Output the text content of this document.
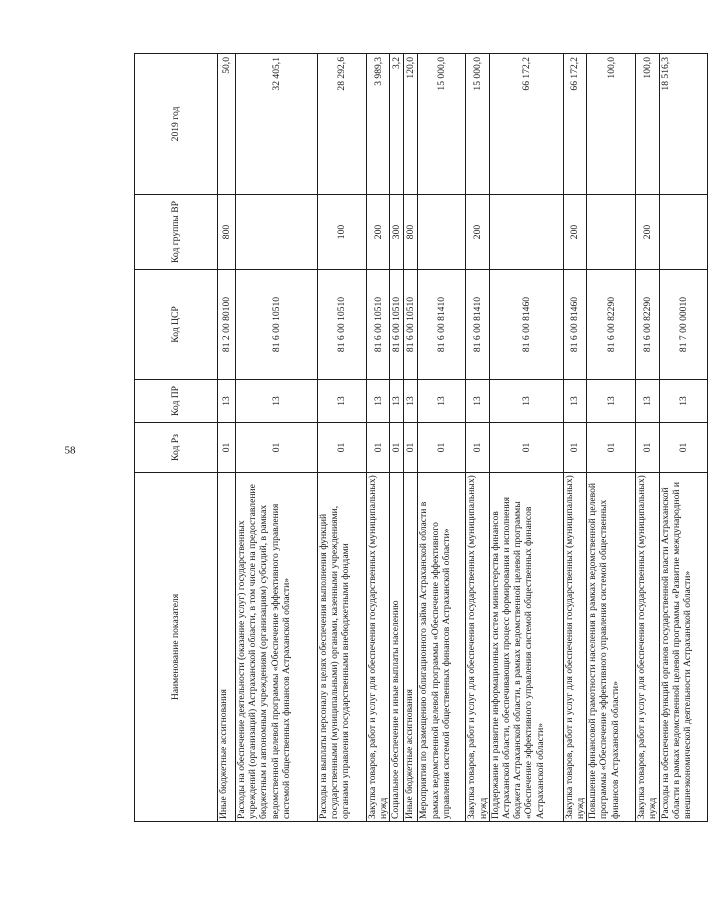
58
Наименование показателя	Код Рз	Код ПР	Код ЦСР	Код группы ВР	2019 год
Иные бюджетные ассигнования	01	13	81 2 00 80100	800	50,0
Расходы на обеспечение деятельности (оказание услуг) государственных учреждений (организаций) Астраханской области, в том числе на предоставление бюджетным и автономным учреждениям (организациям) субсидий, в рамках ведомственной целевой программы «Обеспечение эффективного управления системой общественных финансов Астраханской области»	01	13	81 6 00 10510		32 405,1
Расходы на выплаты персоналу в целях обеспечения выполнения функций государственными (муниципальными) органами, казенными учреждениями, органами управления государственными внебюджетными фондами	01	13	81 6 00 10510	100	28 292,6
Закупка товаров, работ и услуг для обеспечения государственных (муниципальных) нужд	01	13	81 6 00 10510	200	3 989,3
Социальное обеспечение и иные выплаты населению	01	13	81 6 00 10510	300	3,2
Иные бюджетные ассигнования	01	13	81 6 00 10510	800	120,0
Мероприятия по размещению облигационного займа Астраханской области в рамках ведомственной целевой программы «Обеспечение эффективного управления системой общественных финансов Астраханской области»	01	13	81 6 00 81410		15 000,0
Закупка товаров, работ и услуг для обеспечения государственных (муниципальных) нужд	01	13	81 6 00 81410	200	15 000,0
Поддержание и развитие информационных систем министерства финансов Астраханской области, обеспечивающих процесс формирования и исполнения бюджета Астраханской области, в рамках ведомственной целевой программы «Обеспечение эффективного управления системой общественных финансов Астраханской области»	01	13	81 6 00 81460		66 172,2
Закупка товаров, работ и услуг для обеспечения государственных (муниципальных) нужд	01	13	81 6 00 81460	200	66 172,2
Повышение финансовой грамотности населения в рамках ведомственной целевой программы «Обеспечение эффективного управления системой общественных финансов Астраханской области»	01	13	81 6 00 82290		100,0
Закупка товаров, работ и услуг для обеспечения государственных (муниципальных) нужд	01	13	81 6 00 82290	200	100,0
Расходы на обеспечение функций органов государственной власти Астраханской области в рамках ведомственной целевой программы «Развитие международной и внешнеэкономической деятельности Астраханской области»	01	13	81 7 00 00010		18 516,3
